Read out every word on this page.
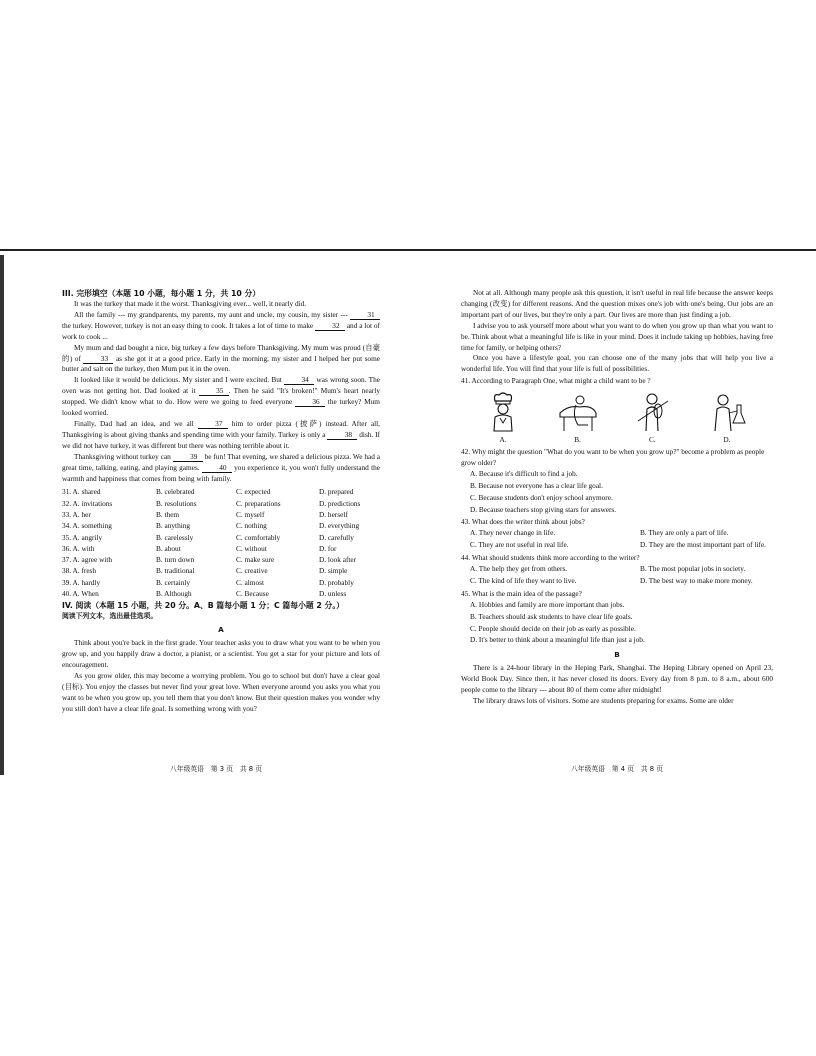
III. 完形填空（本题 10 小题，每小题 1 分，共 10 分）

It was the turkey that made it the worst. Thanksgiving ever... well, it nearly did.

All the family --- my grandparents, my parents, my aunt and uncle, my cousin, my sister ---	31 the turkey. However, turkey is not an easy thing to cook. It takes a lot of time to make 32 and a lot of work to cook ...

My mum and dad bought a nice, big turkey a few days before Thanksgiving. My mum was proud (自豪的) of 33 as she got it at a good price. Early in the morning, my sister and I helped her put some butter and salt on the turkey, then Mum put it in the oven.

It looked like it would be delicious. My sister and I were excited. But 34 was wrong soon. The oven was not getting hot. Dad looked at it 35 . Then he said "It's broken!" Mum's heart nearly stopped. We didn't know what to do. How were we going to feed everyone 36 the turkey? Mum looked worried.

Finally, Dad had an idea, and we all 37 him to order pizza (披萨) instead. After all, Thanksgiving is about giving thanks and spending time with your family. Turkey is only a 38 dish. If we did not have turkey, it was different but there was nothing terrible about it.

Thanksgiving without turkey can 39 be fun! That evening, we shared a delicious pizza. We had a great time, talking, eating, and playing games. 40 you experience it, you won't fully understand the warmth and happiness that comes from being with family.

31. A. shared	B. celebrated	C. expected	D. prepared
32. A. invitations	B. resolutions	C. preparations	D. predictions
33. A. her	B. them	C. myself	D. herself
34. A. something	B. anything	C. nothing	D. everything
35. A. angrily	B. carelessly	C. comfortably	D. carefully
36. A. with	B. about	C. without	D. for
37. A. agree with	B. turn down	C. make sure	D. look after
38. A. fresh	B. traditional	C. creative	D. simple
39. A. hardly	B. certainly	C. almost	D. probably
40. A. When	B. Although	C. Because	D. unless
IV. 阅读（本题 15 小题，共 20 分。A、B 篇每小题 1 分；C 篇每小题 2 分。）
阅读下列文本，选出最佳选项。
A

Think about you're back in the first grade. Your teacher asks you to draw what you want to be when you grow up, and you happily draw a doctor, a pianist, or a scientist. You get a star for your picture and lots of encouragement.

As you grow older, this may become a worrying problem. You go to school but don't have a clear goal (目标). You enjoy the classes but never find your great love. When everyone around you asks you what you want to be when you grow up, you tell them that you don't know. But their question makes you wonder why you still don't have a clear life goal. Is something wrong with you?

Not at all. Although many people ask this question, it isn't useful in real life because the answer keeps changing (改变) for different reasons. And the question mixes one's job with one's being. Our jobs are an important part of our lives, but they're only a part. Our lives are more than just finding a job.

I advise you to ask yourself more about what you want to do when you grow up than what you want to be. Think about what a meaningful life is like in your mind. Does it include taking up hobbies, having free time for family, or helping others?

Once you have a lifestyle goal, you can choose one of the many jobs that will help you live a wonderful life. You will find that your life is full of possibilities.

41. According to Paragraph One, what might a child want to be ?
A.	B.	C.	D.
42. Why might the question "What do you want to be when you grow up?" become a problem as people grow older?
A. Because it's difficult to find a job.
B. Because not everyone has a clear life goal.
C. Because students don't enjoy school anymore.
D. Because teachers stop giving stars for answers.
43. What does the writer think about jobs?
A. They never change in life.	B. They are only a part of life.
C. They are not useful in real life.	D. They are the most important part of life.
44. What should students think more according to the writer?
A. The help they get from others.	B. The most popular jobs in society.
C. The kind of life they want to live.	D. The best way to make more money.
45. What is the main idea of the passage?
A. Hobbies and family are more important than jobs.
B. Teachers should ask students to have clear life goals.
C. People should decide on their job as early as possible.
D. It's better to think about a meaningful life than just a job.
B

There is a 24-hour library in the Heping Park, Shanghai. The Heping Library opened on April 23, World Book Day. Since then, it has never closed its doors. Every day from 8 p.m. to 8 a.m., about 600 people come to the library --- about 80 of them come after midnight!

The library draws lots of visitors. Some are students preparing for exams. Some are older

八年级英语　第 3 页　共 8 页	八年级英语　第 4 页　共 8 页
